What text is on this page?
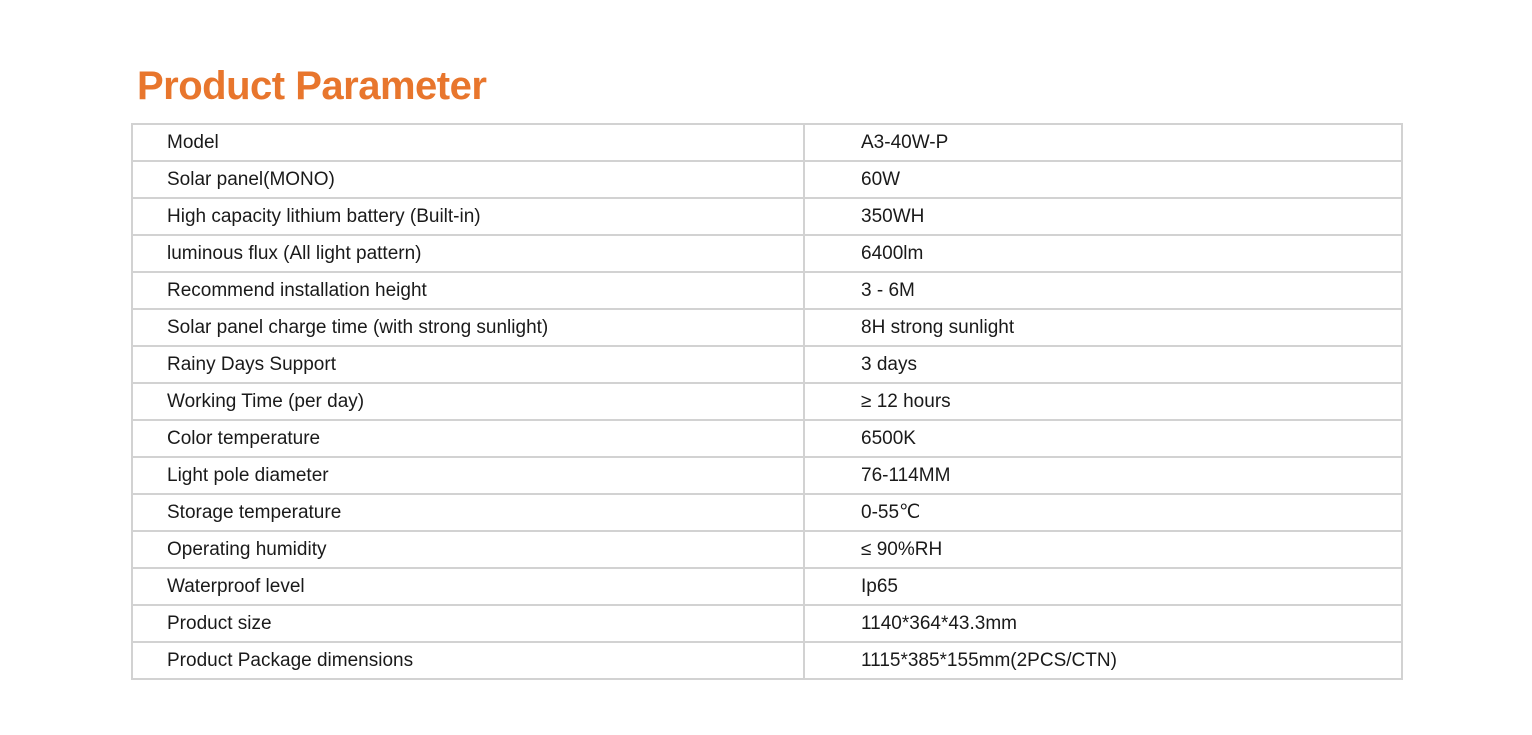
Product Parameter
Model	A3-40W-P
Solar panel(MONO)	60W
High capacity lithium battery (Built-in)	350WH
luminous flux (All light pattern)	6400lm
Recommend installation height	3 - 6M
Solar panel charge time (with strong sunlight)	8H strong sunlight
Rainy Days Support	3 days
Working Time (per day)	≥ 12 hours
Color temperature	6500K
Light pole diameter	76-114MM
Storage temperature	0-55℃
Operating humidity	≤ 90%RH
Waterproof level	Ip65
Product size	1140*364*43.3mm
Product Package dimensions	1115*385*155mm(2PCS/CTN)
